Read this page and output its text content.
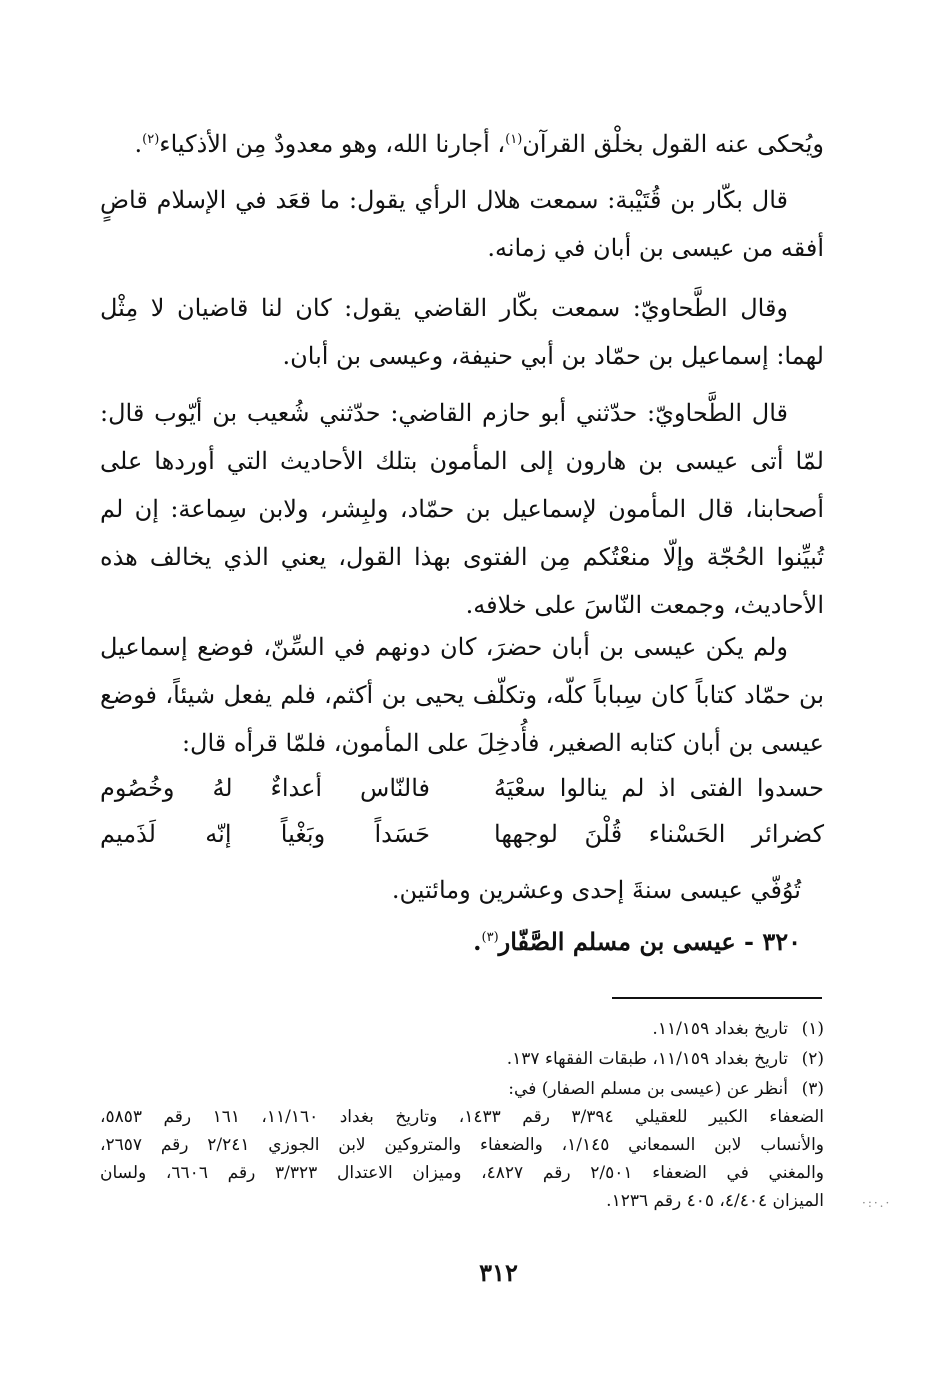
ويُحكى عنه القول بخلْق القرآن$^{(١)}$، أجارنا الله، وهو معدودٌ مِن الأذكياء$^{(٢)}$.

قال بكّار بن قُتَيْبة: سمعت هلال الرأي يقول: ما قعَد في الإسلام قاضٍ أفقه من عيسى بن أبان في زمانه.

وقال الطَّحاويّ: سمعت بكّار القاضي يقول: كان لنا قاضيان لا مِثْل لهما: إسماعيل بن حمّاد بن أبي حنيفة، وعيسى بن أبان.

قال الطَّحاويّ: حدّثني أبو حازم القاضي: حدّثني شُعيب بن أيّوب قال: لمّا أتى عيسى بن هارون إلى المأمون بتلك الأحاديث التي أوردها على أصحابنا، قال المأمون لإسماعيل بن حمّاد، ولبِشر، ولابن سِماعة: إن لم تُبيِّنوا الحُجّة وإلّا منعْتُكم مِن الفتوى بهذا القول، يعني الذي يخالف هذه الأحاديث، وجمعت النّاسَ على خلافه.

ولم يكن عيسى بن أبان حضرَ، كان دونهم في السِّنّ، فوضع إسماعيل بن حمّاد كتاباً كان سِباباً كلّه، وتكلّف يحيى بن أكثم، فلم يفعل شيئاً، فوضع عيسى بن أبان كتابه الصغير، فأُدخِلَ على المأمون، فلمّا قرأه قال:

حسدوا الفتى اذ لم ينالوا سعْيَهُ
فالنّاس أعداءٌ لهُ وخُصُوم
كضرائر الحَسْناء قُلْنَ لوجهها
حَسَداً وبَغْياً إنّه لَذَميم
تُوُفّي عيسى سنةَ إحدى وعشرين ومائتين.
٣٢٠ - عيسى بن مسلم الصَّفّار$^{(٣)}$.
(١)
تاريخ بغداد ١١/١٥٩.
(٢)
تاريخ بغداد ١١/١٥٩، طبقات الفقهاء ١٣٧.
(٣)
أنظر عن (عيسى بن مسلم الصفار) في:
الضعفاء الكبير للعقيلي ٣/٣٩٤ رقم ١٤٣٣، وتاريخ بغداد ١١/١٦٠، ١٦١ رقم ٥٨٥٣،
والأنساب لابن السمعاني ١/١٤٥، والضعفاء والمتروكين لابن الجوزي ٢/٢٤١ رقم ٢٦٥٧،
والمغني في الضعفاء ٢/٥٠١ رقم ٤٨٢٧، وميزان الاعتدال ٣/٣٢٣ رقم ٦٦٠٦، ولسان
الميزان ٤/٤٠٤، ٤٠٥ رقم ١٢٣٦.
٣١٢
·:·.·
